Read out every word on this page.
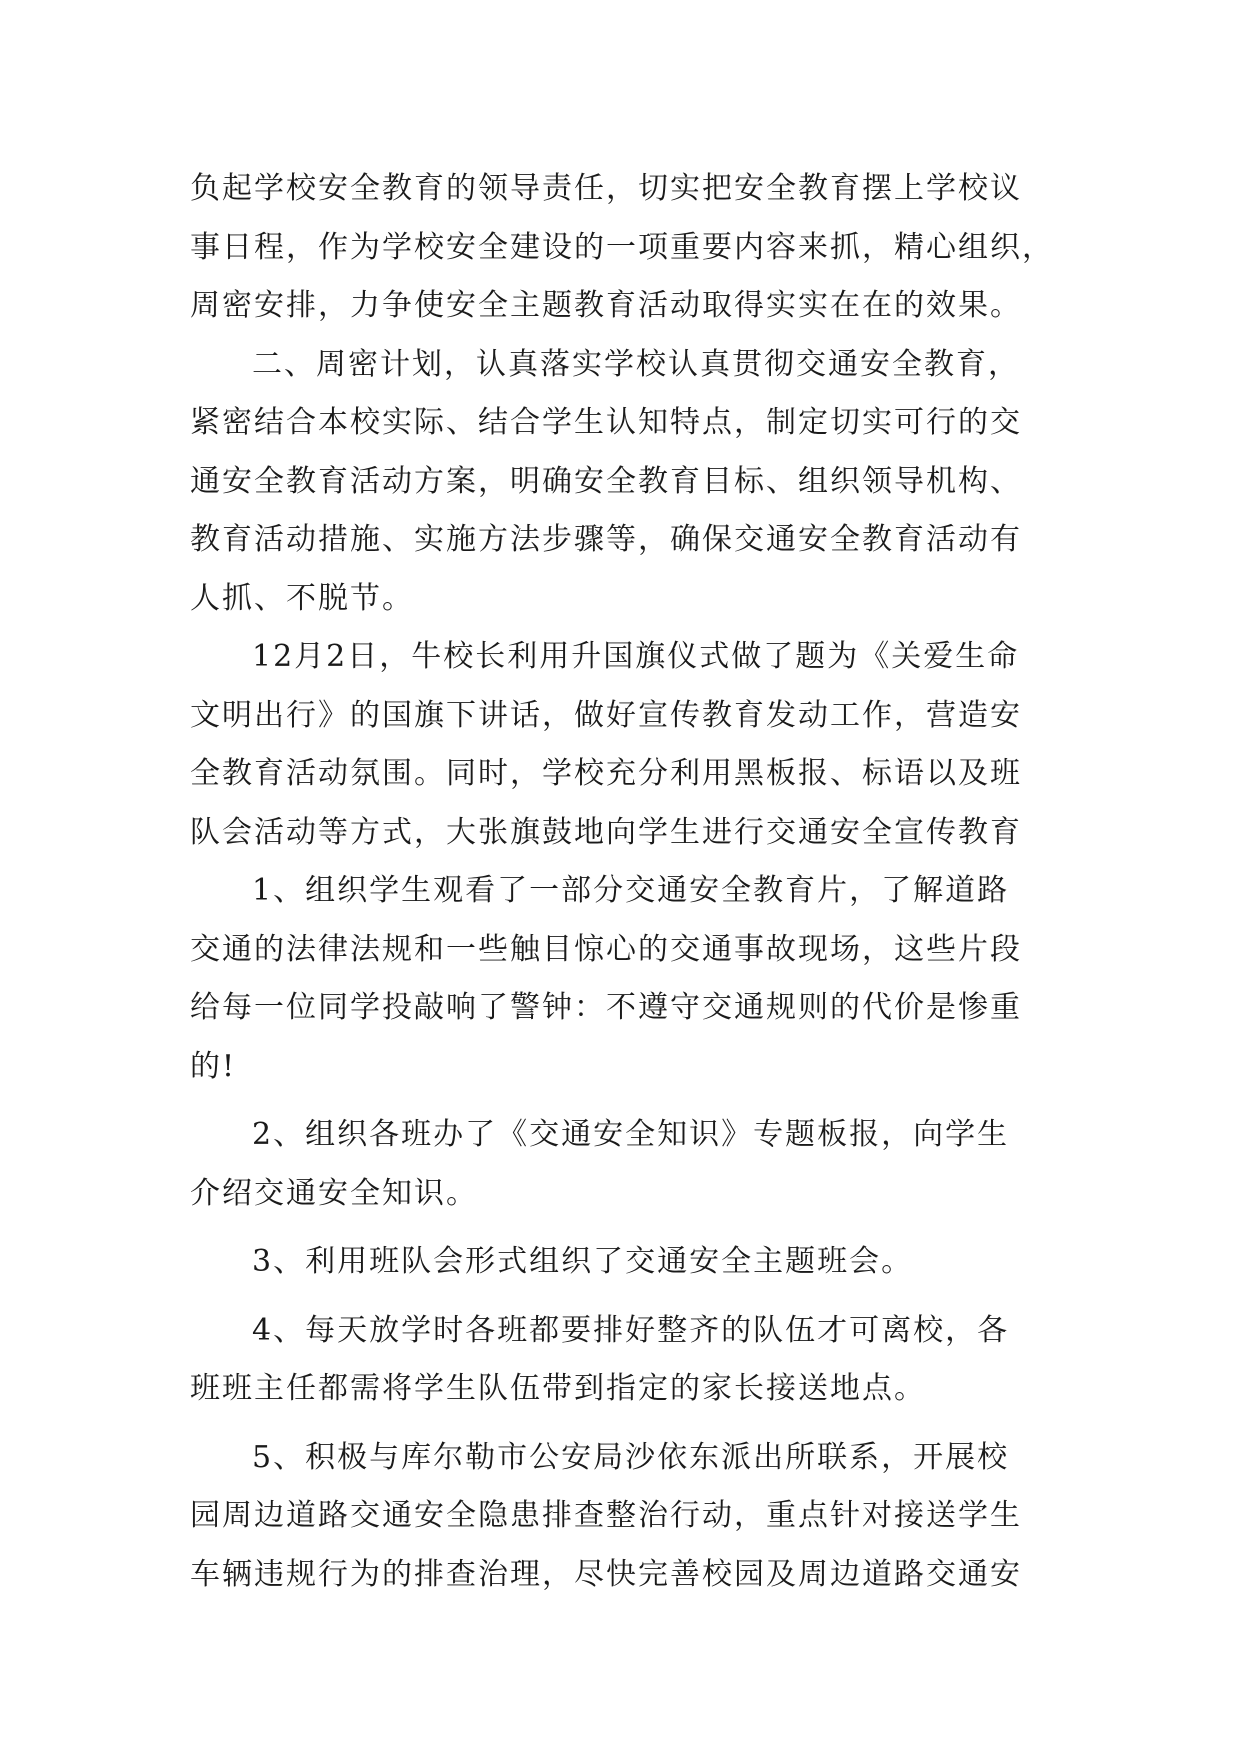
负起学校安全教育的领导责任，切实把安全教育摆上学校议
事日程，作为学校安全建设的一项重要内容来抓，精心组织，
周密安排，力争使安全主题教育活动取得实实在在的效果。
　二、周密计划，认真落实学校认真贯彻交通安全教育，
紧密结合本校实际、结合学生认知特点，制定切实可行的交
通安全教育活动方案，明确安全教育目标、组织领导机构、
教育活动措施、实施方法步骤等，确保交通安全教育活动有
人抓、不脱节。
　12月2日，牛校长利用升国旗仪式做了题为《关爱生命
文明出行》的国旗下讲话，做好宣传教育发动工作，营造安
全教育活动氛围。同时，学校充分利用黑板报、标语以及班
队会活动等方式，大张旗鼓地向学生进行交通安全宣传教育
　1、组织学生观看了一部分交通安全教育片，了解道路
交通的法律法规和一些触目惊心的交通事故现场，这些片段
给每一位同学投敲响了警钟：不遵守交通规则的代价是惨重
的!
　2、组织各班办了《交通安全知识》专题板报，向学生
介绍交通安全知识。
　3、利用班队会形式组织了交通安全主题班会。
　4、每天放学时各班都要排好整齐的队伍才可离校，各
班班主任都需将学生队伍带到指定的家长接送地点。
　5、积极与库尔勒市公安局沙依东派出所联系，开展校
园周边道路交通安全隐患排查整治行动，重点针对接送学生
车辆违规行为的排查治理，尽快完善校园及周边道路交通安
